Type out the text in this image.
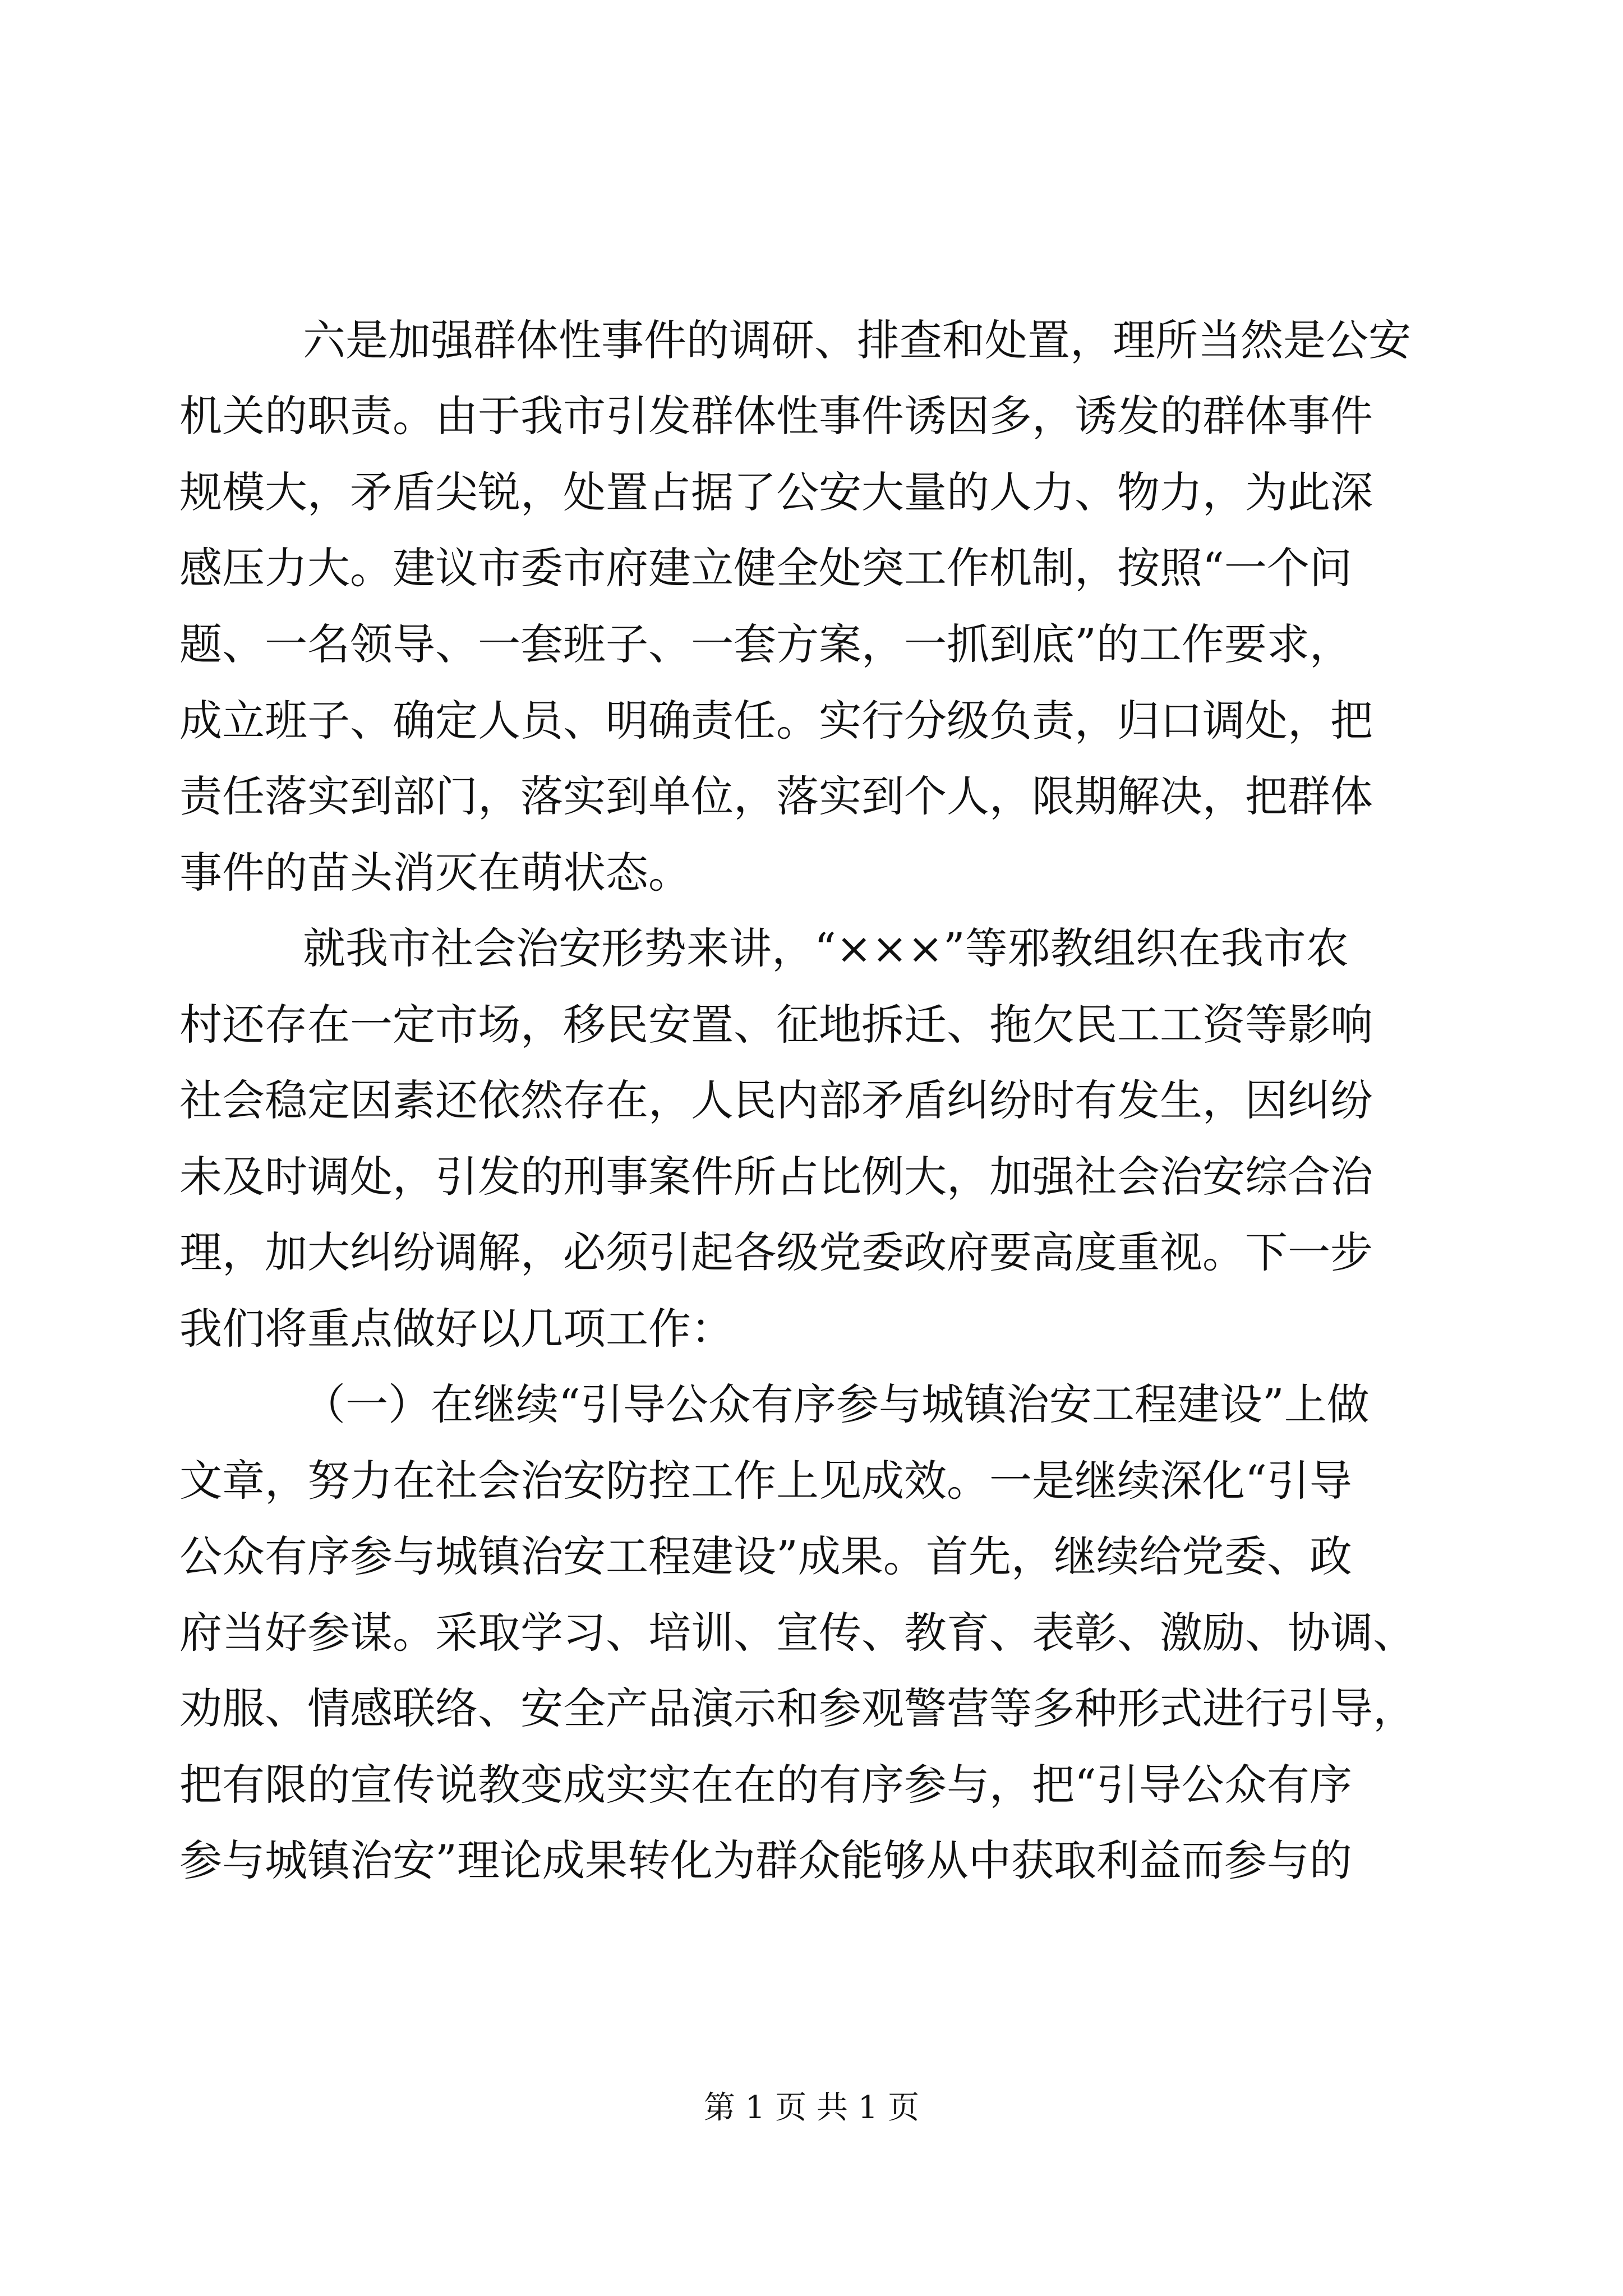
六是加强群体性事件的调研、排查和处置，理所当然是公安
机关的职责。由于我市引发群体性事件诱因多，诱发的群体事件
规模大，矛盾尖锐，处置占据了公安大量的人力、物力，为此深
感压力大。建议市委市府建立健全处突工作机制，按照“一个问
题、一名领导、一套班子、一套方案，一抓到底”的工作要求，
成立班子、确定人员、明确责任。实行分级负责，归口调处，把
责任落实到部门，落实到单位，落实到个人，限期解决，把群体
事件的苗头消灭在萌状态。
就我市社会治安形势来讲，“×××”等邪教组织在我市农
村还存在一定市场，移民安置、征地拆迁、拖欠民工工资等影响
社会稳定因素还依然存在，人民内部矛盾纠纷时有发生，因纠纷
未及时调处，引发的刑事案件所占比例大，加强社会治安综合治
理，加大纠纷调解，必须引起各级党委政府要高度重视。下一步
我们将重点做好以几项工作：
（一）在继续“引导公众有序参与城镇治安工程建设”上做
文章，努力在社会治安防控工作上见成效。一是继续深化“引导
公众有序参与城镇治安工程建设”成果。首先，继续给党委、政
府当好参谋。采取学习、培训、宣传、教育、表彰、激励、协调、
劝服、情感联络、安全产品演示和参观警营等多种形式进行引导，
把有限的宣传说教变成实实在在的有序参与，把“引导公众有序
参与城镇治安”理论成果转化为群众能够从中获取利益而参与的
第 1 页 共 1 页
